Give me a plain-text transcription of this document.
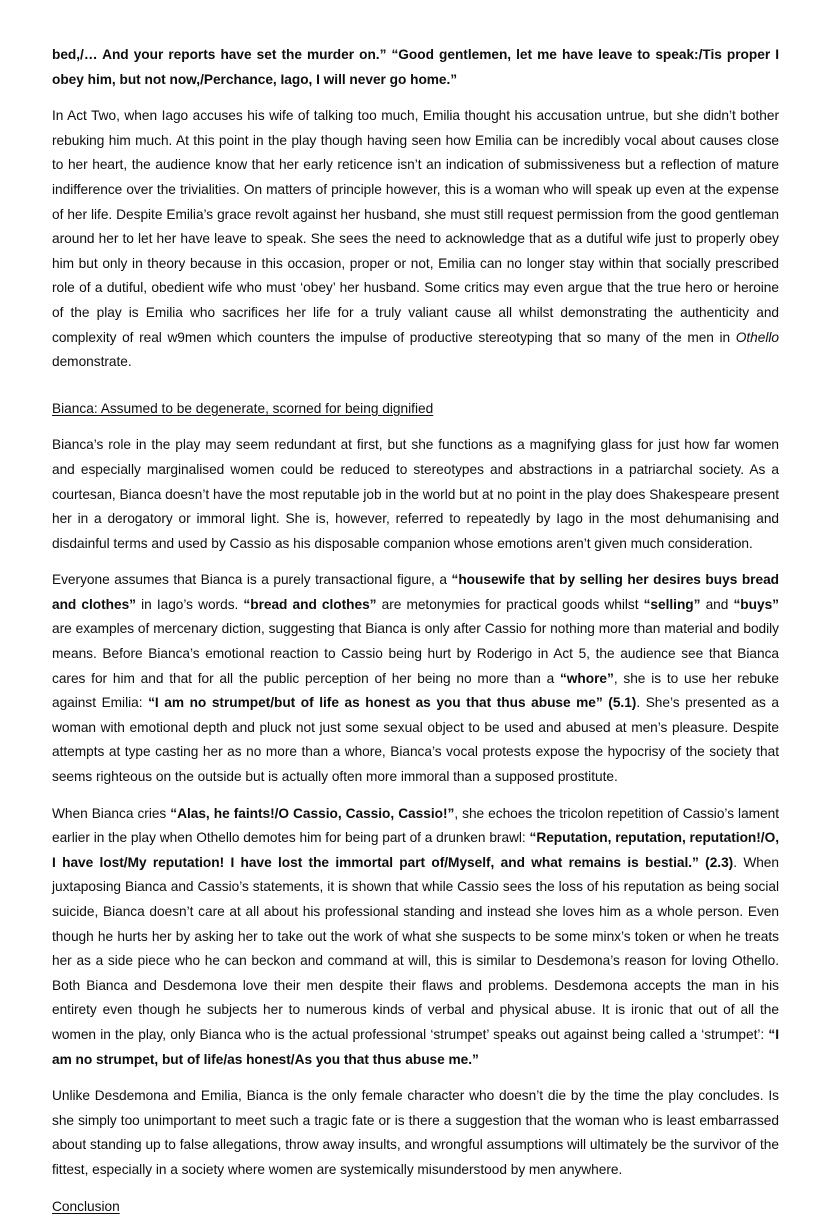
bed,/… And your reports have set the murder on.” “Good gentlemen, let me have leave to speak:/Tis proper I obey him, but not now,/Perchance, Iago, I will never go home.”

In Act Two, when Iago accuses his wife of talking too much, Emilia thought his accusation untrue, but she didn’t bother rebuking him much. At this point in the play though having seen how Emilia can be incredibly vocal about causes close to her heart, the audience know that her early reticence isn’t an indication of submissiveness but a reflection of mature indifference over the trivialities. On matters of principle however, this is a woman who will speak up even at the expense of her life. Despite Emilia’s grace revolt against her husband, she must still request permission from the good gentleman around her to let her have leave to speak. She sees the need to acknowledge that as a dutiful wife just to properly obey him but only in theory because in this occasion, proper or not, Emilia can no longer stay within that socially prescribed role of a dutiful, obedient wife who must ‘obey’ her husband. Some critics may even argue that the true hero or heroine of the play is Emilia who sacrifices her life for a truly valiant cause all whilst demonstrating the authenticity and complexity of real w9men which counters the impulse of productive stereotyping that so many of the men in Othello demonstrate.

Bianca: Assumed to be degenerate, scorned for being dignified

Bianca’s role in the play may seem redundant at first, but she functions as a magnifying glass for just how far women and especially marginalised women could be reduced to stereotypes and abstractions in a patriarchal society. As a courtesan, Bianca doesn’t have the most reputable job in the world but at no point in the play does Shakespeare present her in a derogatory or immoral light. She is, however, referred to repeatedly by Iago in the most dehumanising and disdainful terms and used by Cassio as his disposable companion whose emotions aren’t given much consideration.

Everyone assumes that Bianca is a purely transactional figure, a “housewife that by selling her desires buys bread and clothes” in Iago’s words. “bread and clothes” are metonymies for practical goods whilst “selling” and “buys” are examples of mercenary diction, suggesting that Bianca is only after Cassio for nothing more than material and bodily means. Before Bianca’s emotional reaction to Cassio being hurt by Roderigo in Act 5, the audience see that Bianca cares for him and that for all the public perception of her being no more than a “whore”, she is to use her rebuke against Emilia: “I am no strumpet/but of life as honest as you that thus abuse me” (5.1). She’s presented as a woman with emotional depth and pluck not just some sexual object to be used and abused at men’s pleasure. Despite attempts at type casting her as no more than a whore, Bianca’s vocal protests expose the hypocrisy of the society that seems righteous on the outside but is actually often more immoral than a supposed prostitute.

When Bianca cries “Alas, he faints!/O Cassio, Cassio, Cassio!”, she echoes the tricolon repetition of Cassio’s lament earlier in the play when Othello demotes him for being part of a drunken brawl: “Reputation, reputation, reputation!/O, I have lost/My reputation! I have lost the immortal part of/Myself, and what remains is bestial.” (2.3). When juxtaposing Bianca and Cassio’s statements, it is shown that while Cassio sees the loss of his reputation as being social suicide, Bianca doesn’t care at all about his professional standing and instead she loves him as a whole person. Even though he hurts her by asking her to take out the work of what she suspects to be some minx’s token or when he treats her as a side piece who he can beckon and command at will, this is similar to Desdemona’s reason for loving Othello. Both Bianca and Desdemona love their men despite their flaws and problems. Desdemona accepts the man in his entirety even though he subjects her to numerous kinds of verbal and physical abuse. It is ironic that out of all the women in the play, only Bianca who is the actual professional ‘strumpet’ speaks out against being called a ‘strumpet’: “I am no strumpet, but of life/as honest/As you that thus abuse me.”

Unlike Desdemona and Emilia, Bianca is the only female character who doesn’t die by the time the play concludes. Is she simply too unimportant to meet such a tragic fate or is there a suggestion that the woman who is least embarrassed about standing up to false allegations, throw away insults, and wrongful assumptions will ultimately be the survivor of the fittest, especially in a society where women are systemically misunderstood by men anywhere.

Conclusion
